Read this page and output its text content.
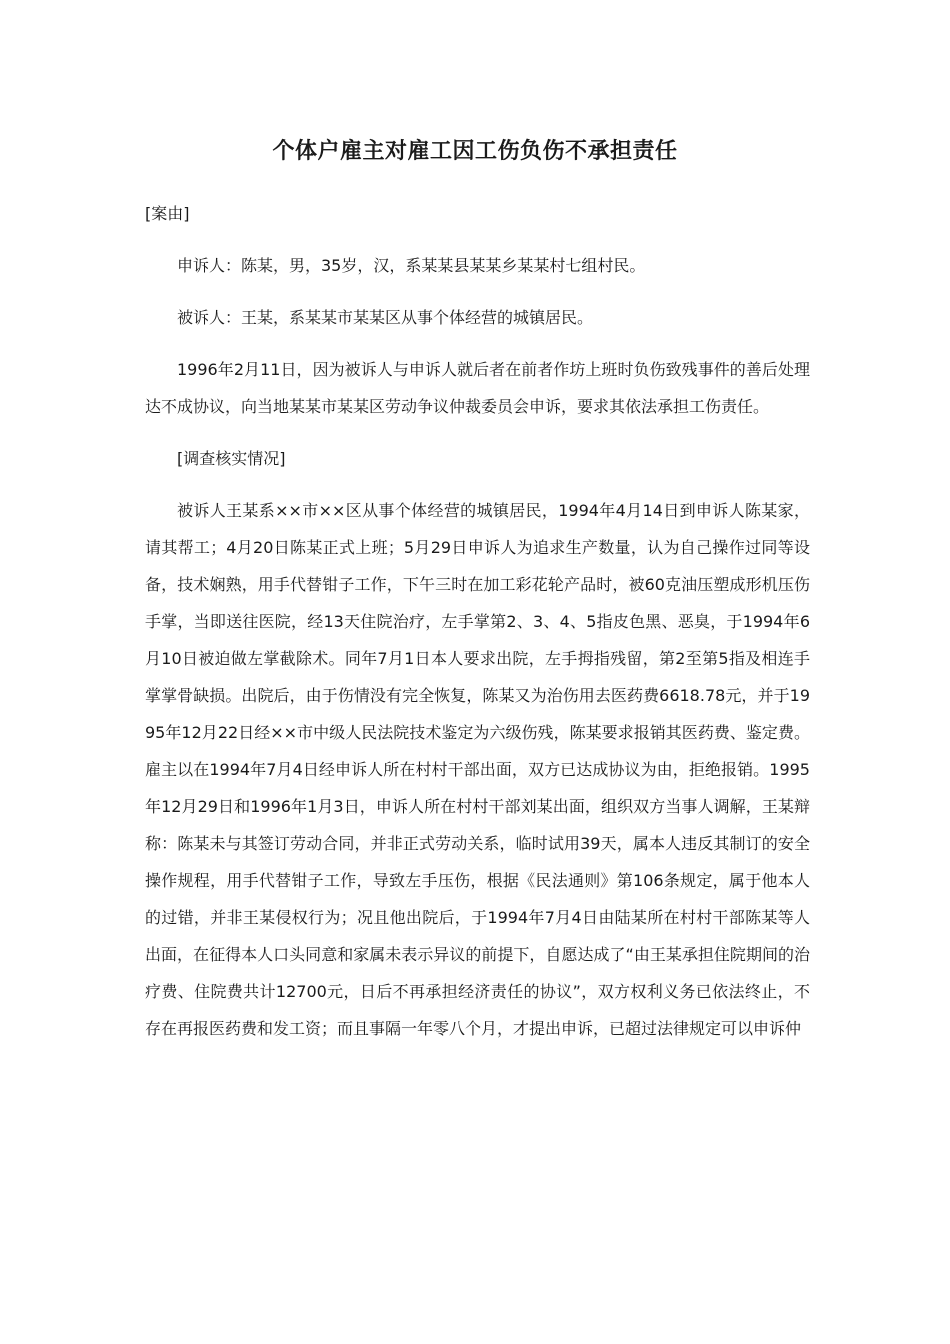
个体户雇主对雇工因工伤负伤不承担责任

[案由]

申诉人：陈某，男，35岁，汉，系某某县某某乡某某村七组村民。

被诉人：王某，系某某市某某区从事个体经营的城镇居民。

1996年2月11日，因为被诉人与申诉人就后者在前者作坊上班时负伤致残事件的善后处理达不成协议，向当地某某市某某区劳动争议仲裁委员会申诉，要求其依法承担工伤责任。

[调查核实情况]

被诉人王某系××市××区从事个体经营的城镇居民，1994年4月14日到申诉人陈某家，请其帮工；4月20日陈某正式上班；5月29日申诉人为追求生产数量，认为自己操作过同等设备，技术娴熟，用手代替钳子工作，下午三时在加工彩花轮产品时，被60克油压塑成形机压伤手掌，当即送往医院，经13天住院治疗，左手掌第2、3、4、5指皮色黑、恶臭，于1994年6月10日被迫做左掌截除术。同年7月1日本人要求出院，左手拇指残留，第2至第5指及相连手掌掌骨缺损。出院后，由于伤情没有完全恢复，陈某又为治伤用去医药费6618.78元，并于1995年12月22日经××市中级人民法院技术鉴定为六级伤残，陈某要求报销其医药费、鉴定费。雇主以在1994年7月4日经申诉人所在村村干部出面，双方已达成协议为由，拒绝报销。1995年12月29日和1996年1月3日，申诉人所在村村干部刘某出面，组织双方当事人调解，王某辩称：陈某未与其签订劳动合同，并非正式劳动关系，临时试用39天，属本人违反其制订的安全操作规程，用手代替钳子工作，导致左手压伤，根据《民法通则》第106条规定，属于他本人的过错，并非王某侵权行为；况且他出院后，于1994年7月4日由陆某所在村村干部陈某等人出面，在征得本人口头同意和家属未表示异议的前提下，自愿达成了“由王某承担住院期间的治疗费、住院费共计12700元，日后不再承担经济责任的协议”，双方权利义务已依法终止，不存在再报医药费和发工资；而且事隔一年零八个月，才提出申诉，已超过法律规定可以申诉仲
